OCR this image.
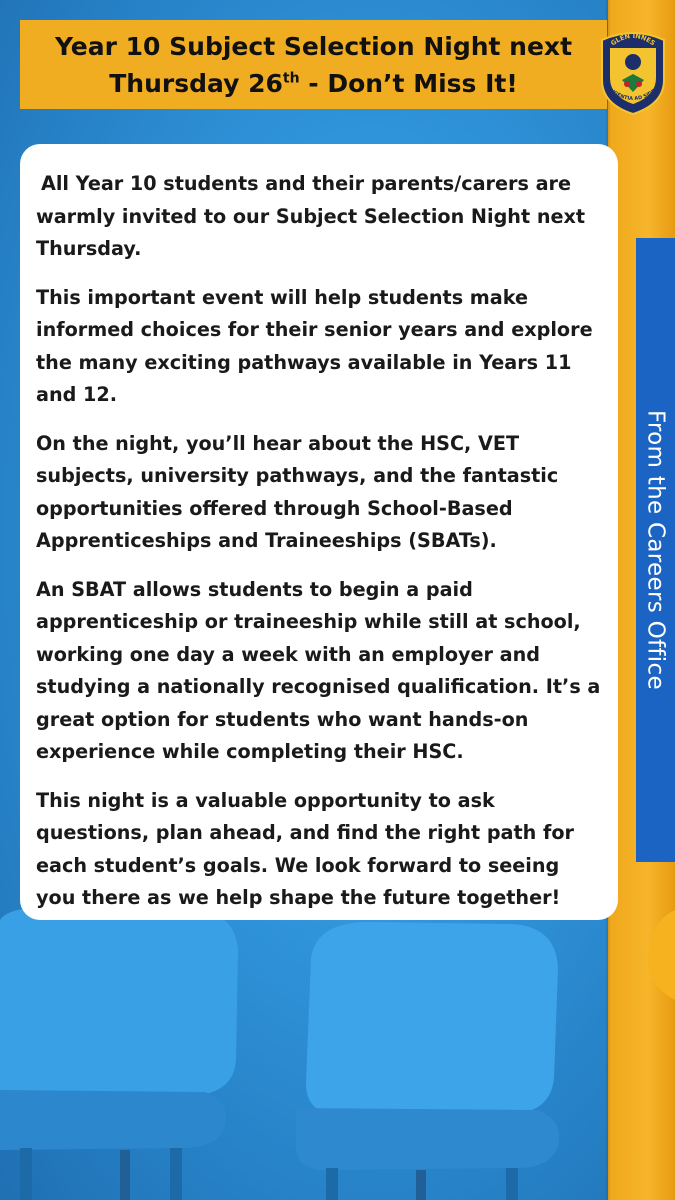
Year 10 Subject Selection Night next
Thursday 26th - Don’t Miss It!
GLEN INNES
DILIGENTIA AD SIDERA
From the Careers Office

All Year 10 students and their parents/carers are warmly invited to our Subject Selection Night next Thursday.

This important event will help students make informed choices for their senior years and explore the many exciting pathways available in Years 11 and 12.

On the night, you’ll hear about the HSC, VET subjects, university pathways, and the fantastic opportunities offered through School-Based Apprenticeships and Traineeships (SBATs).

An SBAT allows students to begin a paid apprenticeship or traineeship while still at school, working one day a week with an employer and studying a nationally recognised qualification. It’s a great option for students who want hands-on experience while completing their HSC.

This night is a valuable opportunity to ask questions, plan ahead, and find the right path for each student’s goals. We look forward to seeing you there as we help shape the future together!
